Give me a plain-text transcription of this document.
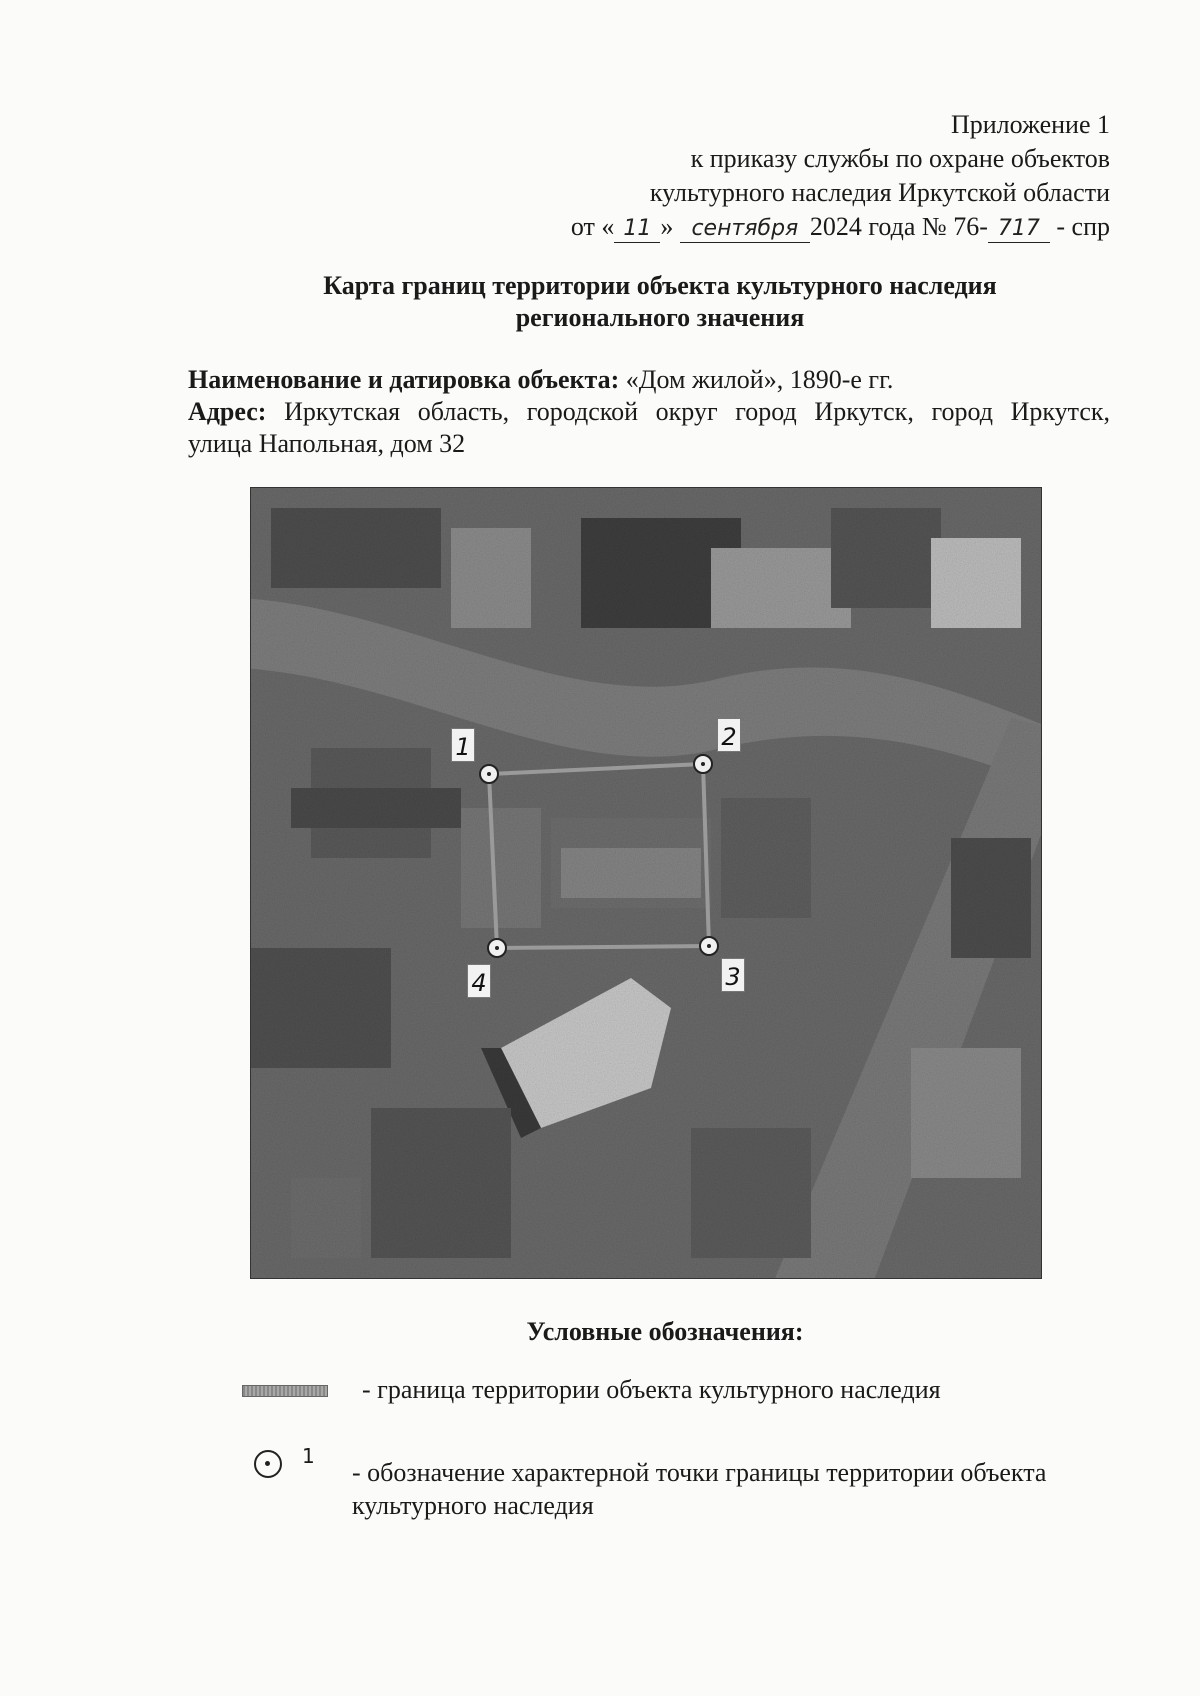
Приложение 1
к приказу службы по охране объектов
культурного наследия Иркутской области
от « 11 » сентября 2024 года № 76- 717 - спр
Карта границ территории объекта культурного наследия
регионального значения
Наименование и датировка объекта: «Дом жилой», 1890-е гг.
Адрес: Иркутская область, городской округ город Иркутск, город Иркутск,
улица Напольная, дом 32
1	2
3
4
Условные обозначения:
- граница территории объекта культурного наследия
1
- обозначение характерной точки границы территории объекта
культурного наследия
